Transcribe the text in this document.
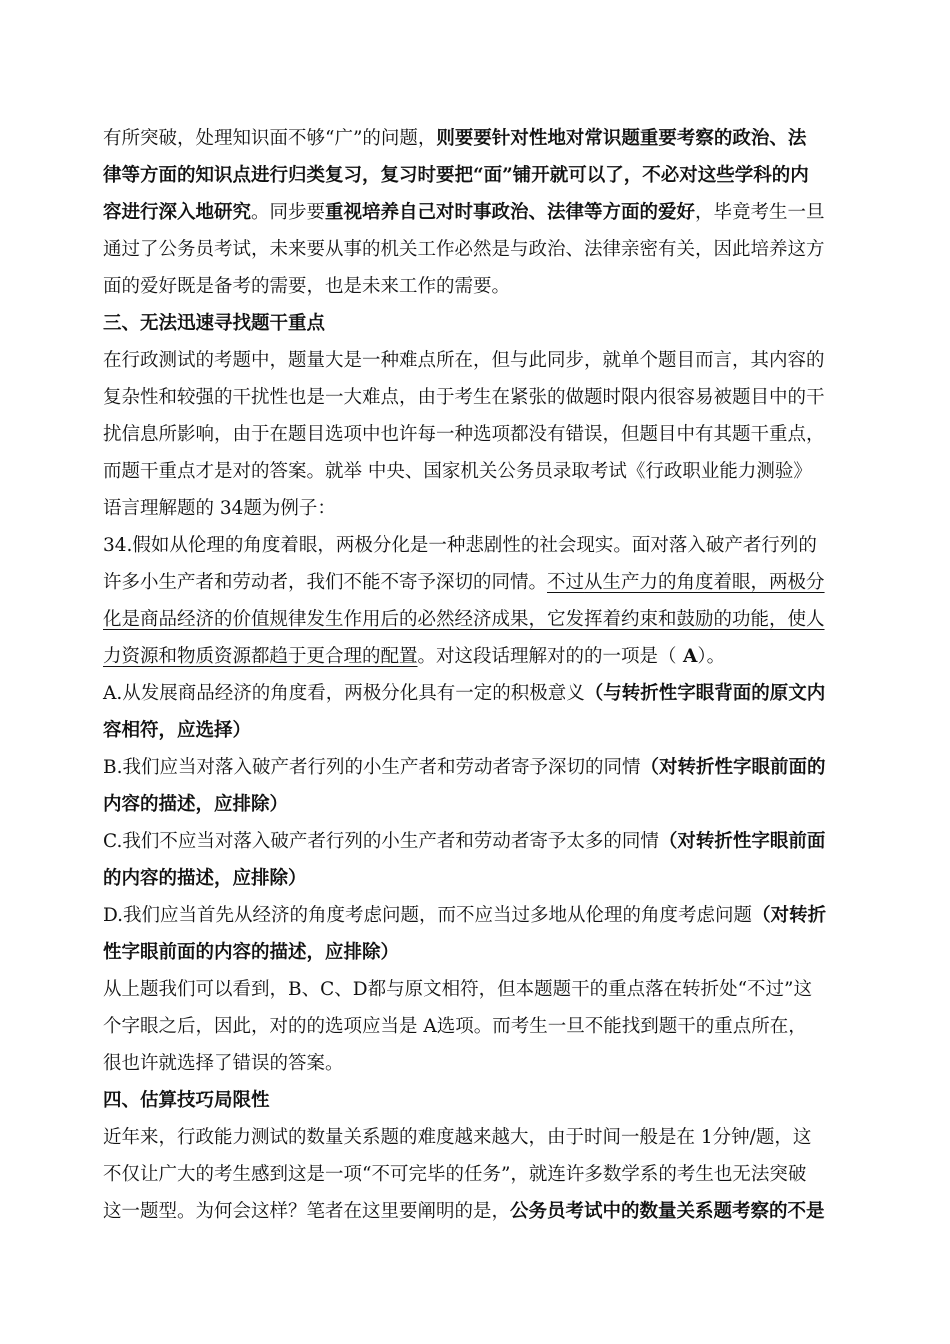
有所突破，处理知识面不够“广”的问题，则要要针对性地对常识题重要考察的政治、法
律等方面的知识点进行归类复习，复习时要把“面”铺开就可以了，不必对这些学科的内
容进行深入地研究。同步要重视培养自己对时事政治、法律等方面的爱好，毕竟考生一旦
通过了公务员考试，未来要从事的机关工作必然是与政治、法律亲密有关，因此培养这方
面的爱好既是备考的需要，也是未来工作的需要。
三、无法迅速寻找题干重点
在行政测试的考题中，题量大是一种难点所在，但与此同步，就单个题目而言，其内容的
复杂性和较强的干扰性也是一大难点，由于考生在紧张的做题时限内很容易被题目中的干
扰信息所影响，由于在题目选项中也许每一种选项都没有错误，但题目中有其题干重点，
而题干重点才是对的答案。就举 中央、国家机关公务员录取考试《行政职业能力测验》
语言理解题的 34题为例子：
34.假如从伦理的角度着眼，两极分化是一种悲剧性的社会现实。面对落入破产者行列的
许多小生产者和劳动者，我们不能不寄予深切的同情。不过从生产力的角度着眼，两极分
化是商品经济的价值规律发生作用后的必然经济成果，它发挥着约束和鼓励的功能，使人
力资源和物质资源都趋于更合理的配置。对这段话理解对的的一项是（ A）。
A.从发展商品经济的角度看，两极分化具有一定的积极意义（与转折性字眼背面的原文内
容相符，应选择）
B.我们应当对落入破产者行列的小生产者和劳动者寄予深切的同情（对转折性字眼前面的
内容的描述，应排除）
C.我们不应当对落入破产者行列的小生产者和劳动者寄予太多的同情（对转折性字眼前面
的内容的描述，应排除）
D.我们应当首先从经济的角度考虑问题，而不应当过多地从伦理的角度考虑问题（对转折
性字眼前面的内容的描述，应排除）
从上题我们可以看到，B、C、D都与原文相符，但本题题干的重点落在转折处“不过”这
个字眼之后，因此，对的的选项应当是 A选项。而考生一旦不能找到题干的重点所在，
很也许就选择了错误的答案。
四、估算技巧局限性
近年来，行政能力测试的数量关系题的难度越来越大，由于时间一般是在 1分钟/题，这
不仅让广大的考生感到这是一项“不可完毕的任务”，就连许多数学系的考生也无法突破
这一题型。为何会这样？笔者在这里要阐明的是，公务员考试中的数量关系题考察的不是
